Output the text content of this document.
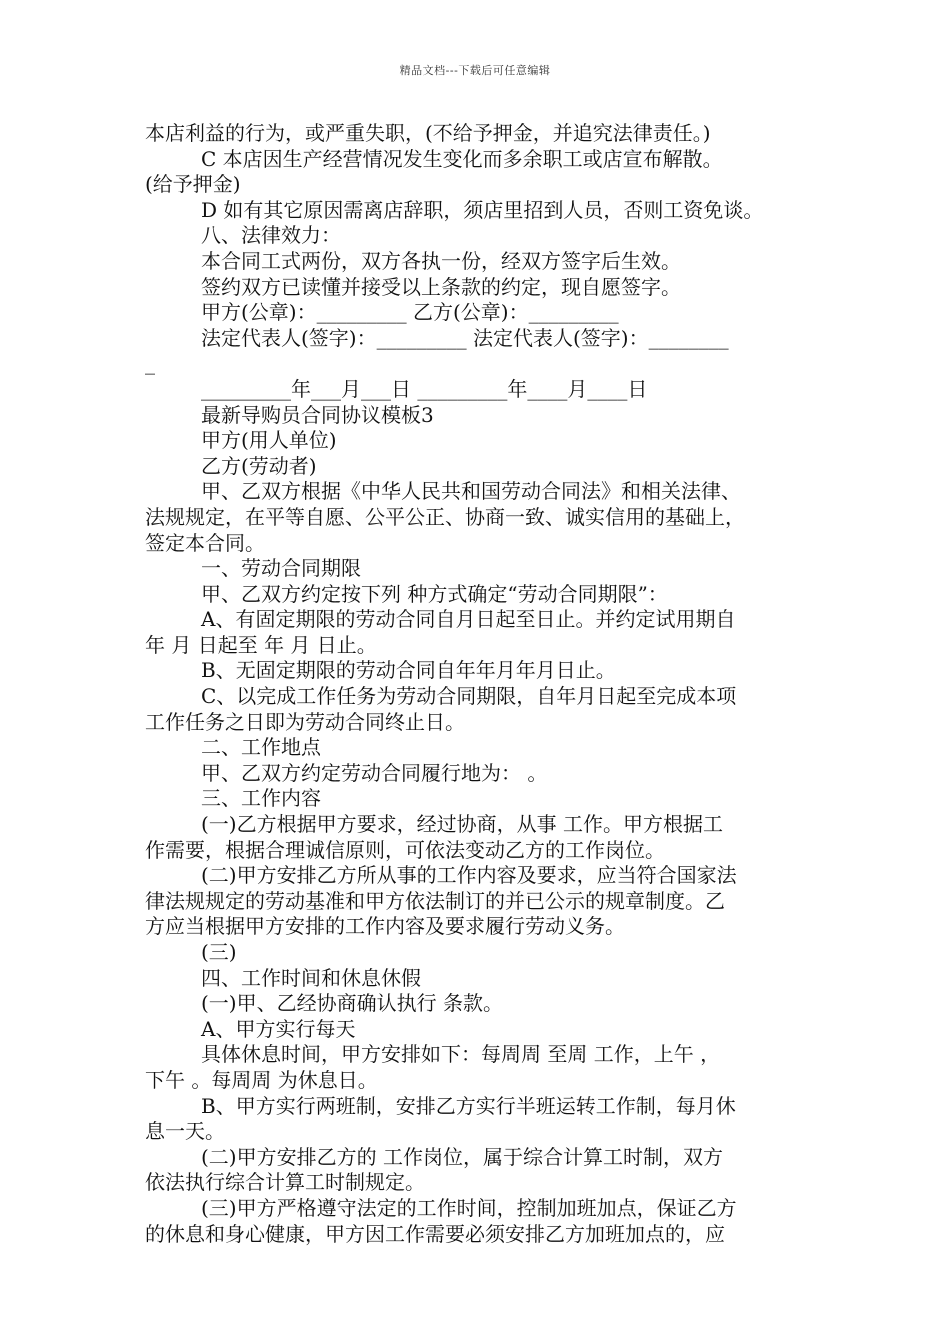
精品文档---下载后可任意编辑

本店利益的行为，或严重失职，(不给予押金，并追究法律责任。)

C 本店因生产经营情况发生变化而多余职工或店宣布解散。

(给予押金)

D 如有其它原因需离店辞职，须店里招到人员，否则工资免谈。

八、法律效力：

本合同工式两份，双方各执一份，经双方签字后生效。

签约双方已读懂并接受以上条款的约定，现自愿签字。

甲方(公章)：_________ 乙方(公章)：_________

法定代表人(签字)：_________ 法定代表人(签字)：________

_

_________年___月___日 _________年____月____日

最新导购员合同协议模板3

甲方(用人单位)

乙方(劳动者)

甲、乙双方根据《中华人民共和国劳动合同法》和相关法律、

法规规定，在平等自愿、公平公正、协商一致、诚实信用的基础上，

签定本合同。

一、劳动合同期限

甲、乙双方约定按下列 种方式确定“劳动合同期限”：

A、有固定期限的劳动合同自月日起至日止。并约定试用期自

年 月 日起至 年 月 日止。

B、无固定期限的劳动合同自年年月年月日止。

C、以完成工作任务为劳动合同期限，自年月日起至完成本项

工作任务之日即为劳动合同终止日。

二、工作地点

甲、乙双方约定劳动合同履行地为： 。

三、工作内容

(一)乙方根据甲方要求，经过协商，从事 工作。甲方根据工

作需要，根据合理诚信原则，可依法变动乙方的工作岗位。

(二)甲方安排乙方所从事的工作内容及要求，应当符合国家法

律法规规定的劳动基准和甲方依法制订的并已公示的规章制度。乙

方应当根据甲方安排的工作内容及要求履行劳动义务。

(三)

四、工作时间和休息休假

(一)甲、乙经协商确认执行 条款。

A、甲方实行每天

具体休息时间，甲方安排如下：每周周 至周 工作，上午 ，

下午 。每周周 为休息日。

B、甲方实行两班制，安排乙方实行半班运转工作制，每月休

息一天。

(二)甲方安排乙方的 工作岗位，属于综合计算工时制，双方

依法执行综合计算工时制规定。

(三)甲方严格遵守法定的工作时间，控制加班加点，保证乙方

的休息和身心健康，甲方因工作需要必须安排乙方加班加点的，应
